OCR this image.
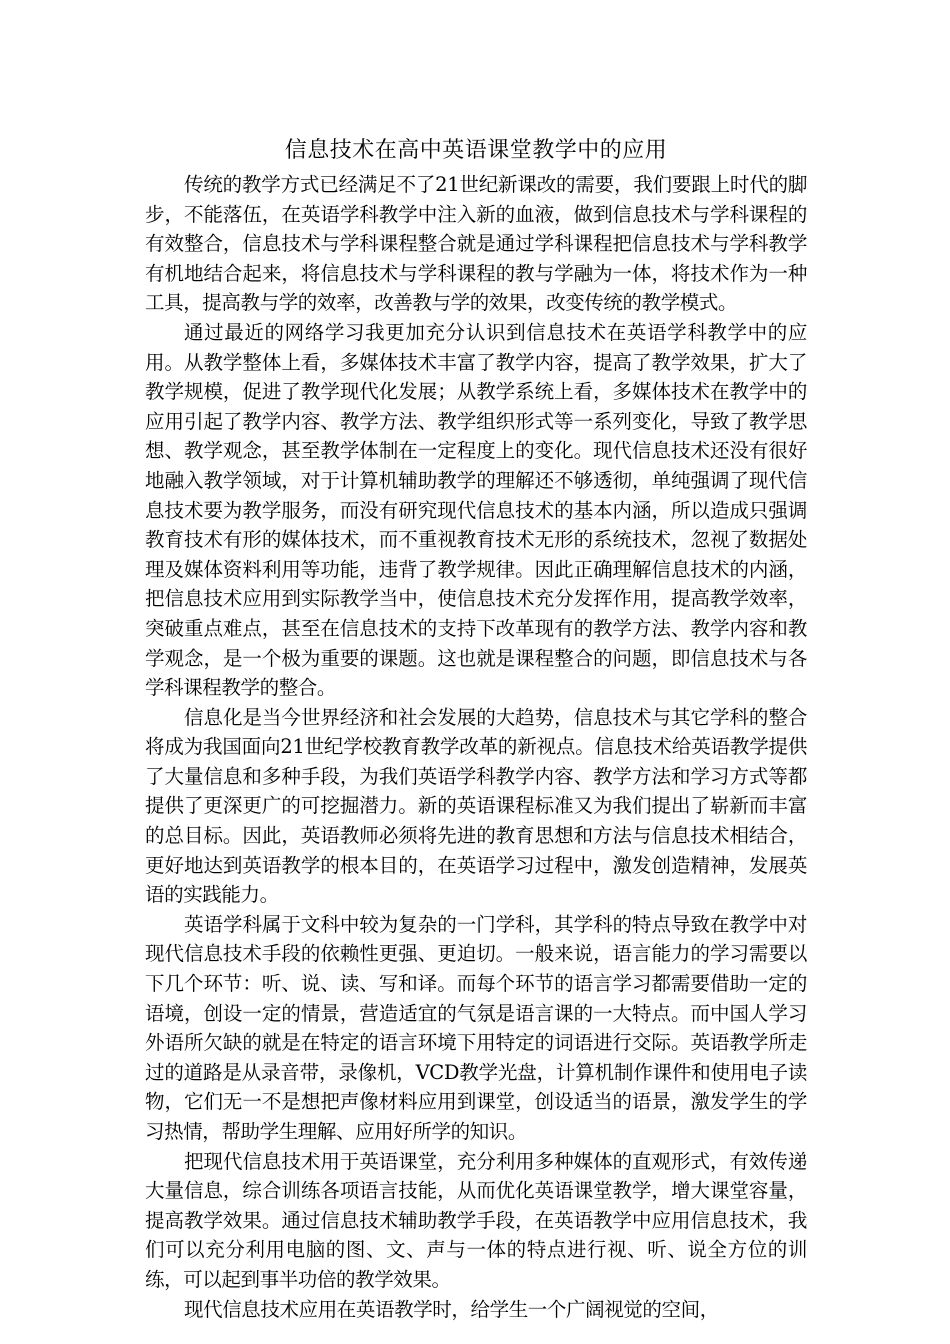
信息技术在高中英语课堂教学中的应用

传统的教学方式已经满足不了21世纪新课改的需要，我们要跟上时代的脚步，不能落伍，在英语学科教学中注入新的血液，做到信息技术与学科课程的有效整合，信息技术与学科课程整合就是通过学科课程把信息技术与学科教学有机地结合起来，将信息技术与学科课程的教与学融为一体，将技术作为一种工具，提高教与学的效率，改善教与学的效果，改变传统的教学模式。

通过最近的网络学习我更加充分认识到信息技术在英语学科教学中的应用。从教学整体上看，多媒体技术丰富了教学内容，提高了教学效果，扩大了教学规模，促进了教学现代化发展；从教学系统上看，多媒体技术在教学中的应用引起了教学内容、教学方法、教学组织形式等一系列变化，导致了教学思想、教学观念，甚至教学体制在一定程度上的变化。现代信息技术还没有很好地融入教学领域，对于计算机辅助教学的理解还不够透彻，单纯强调了现代信息技术要为教学服务，而没有研究现代信息技术的基本内涵，所以造成只强调教育技术有形的媒体技术，而不重视教育技术无形的系统技术，忽视了数据处理及媒体资料利用等功能，违背了教学规律。因此正确理解信息技术的内涵，把信息技术应用到实际教学当中，使信息技术充分发挥作用，提高教学效率，突破重点难点，甚至在信息技术的支持下改革现有的教学方法、教学内容和教学观念，是一个极为重要的课题。这也就是课程整合的问题，即信息技术与各学科课程教学的整合。

信息化是当今世界经济和社会发展的大趋势，信息技术与其它学科的整合将成为我国面向21世纪学校教育教学改革的新视点。信息技术给英语教学提供了大量信息和多种手段，为我们英语学科教学内容、教学方法和学习方式等都提供了更深更广的可挖掘潜力。新的英语课程标准又为我们提出了崭新而丰富的总目标。因此，英语教师必须将先进的教育思想和方法与信息技术相结合，更好地达到英语教学的根本目的，在英语学习过程中，激发创造精神，发展英语的实践能力。

英语学科属于文科中较为复杂的一门学科，其学科的特点导致在教学中对现代信息技术手段的依赖性更强、更迫切。一般来说，语言能力的学习需要以下几个环节：听、说、读、写和译。而每个环节的语言学习都需要借助一定的语境，创设一定的情景，营造适宜的气氛是语言课的一大特点。而中国人学习外语所欠缺的就是在特定的语言环境下用特定的词语进行交际。英语教学所走过的道路是从录音带，录像机，VCD教学光盘，计算机制作课件和使用电子读物，它们无一不是想把声像材料应用到课堂，创设适当的语景，激发学生的学习热情，帮助学生理解、应用好所学的知识。

把现代信息技术用于英语课堂，充分利用多种媒体的直观形式，有效传递大量信息，综合训练各项语言技能，从而优化英语课堂教学，增大课堂容量，提高教学效果。通过信息技术辅助教学手段，在英语教学中应用信息技术，我们可以充分利用电脑的图、文、声与一体的特点进行视、听、说全方位的训练，可以起到事半功倍的教学效果。

现代信息技术应用在英语教学时，给学生一个广阔视觉的空间，
